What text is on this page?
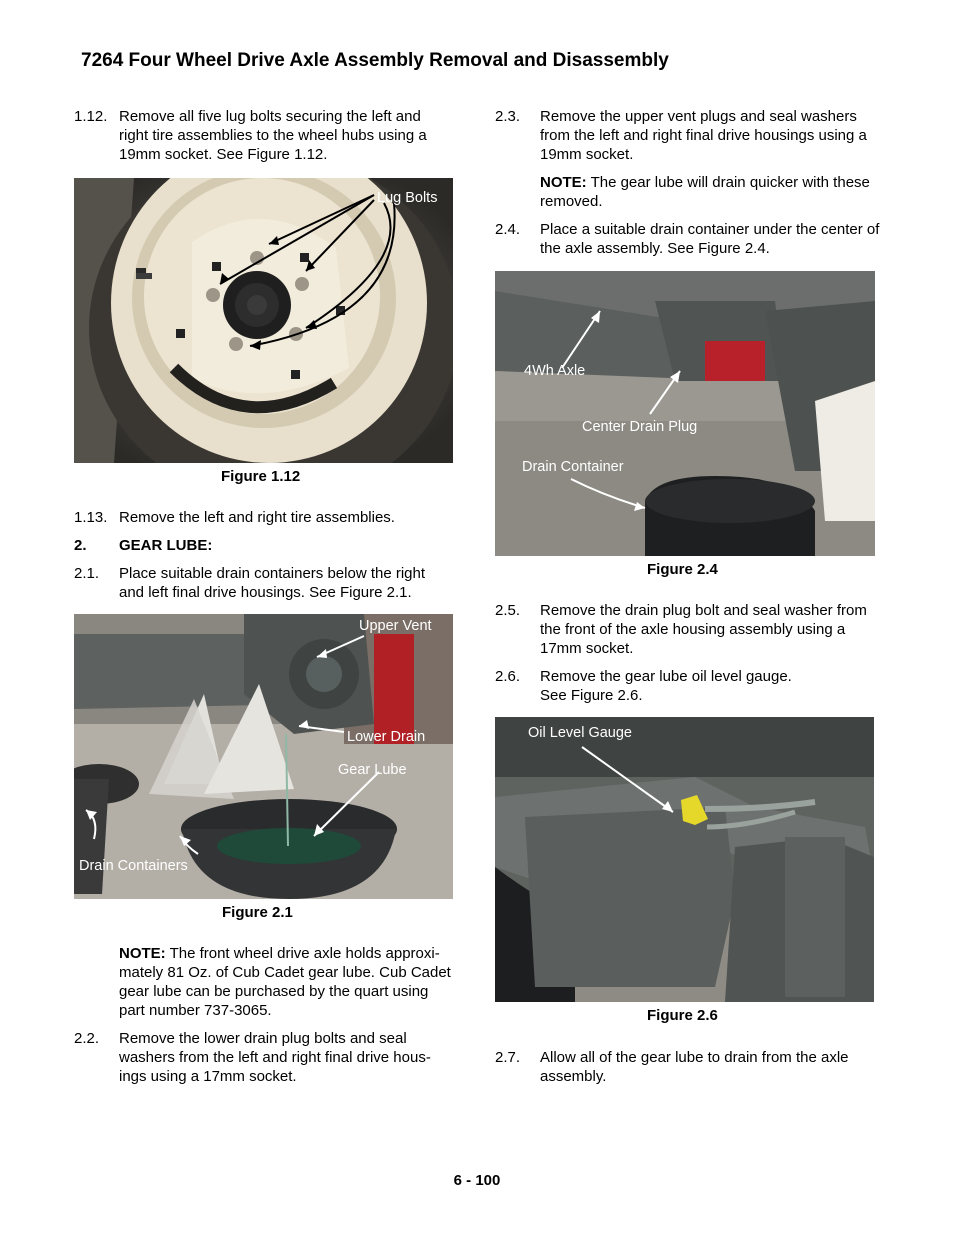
7264 Four Wheel Drive Axle Assembly Removal and Disassembly
1.12. Remove all five lug bolts securing the left and right tire assemblies to the wheel hubs using a 19mm socket. See Figure 1.12.
Lug Bolts
Figure 1.12
1.13. Remove the left and right tire assemblies.
2. GEAR LUBE:
2.1. Place suitable drain containers below the right and left final drive housings. See Figure 2.1.
Upper Vent
Lower Drain
Gear Lube
Drain Containers
Figure 2.1
NOTE: The front wheel drive axle holds approxi-mately 81 Oz. of Cub Cadet gear lube. Cub Cadet gear lube can be purchased by the quart using part number 737-3065.
2.2. Remove the lower drain plug bolts and seal washers from the left and right final drive hous-ings using a 17mm socket.
2.3. Remove the upper vent plugs and seal washers from the left and right final drive housings using a 19mm socket.
NOTE: The gear lube will drain quicker with these removed.
2.4. Place a suitable drain container under the center of the axle assembly. See Figure 2.4.
4Wh Axle
Center Drain Plug
Drain Container
Figure 2.4
2.5. Remove the drain plug bolt and seal washer from the front of the axle housing assembly using a 17mm socket.
2.6. Remove the gear lube oil level gauge.
See Figure 2.6.
Oil Level Gauge
Figure 2.6
2.7. Allow all of the gear lube to drain from the axle assembly.
6 - 100
